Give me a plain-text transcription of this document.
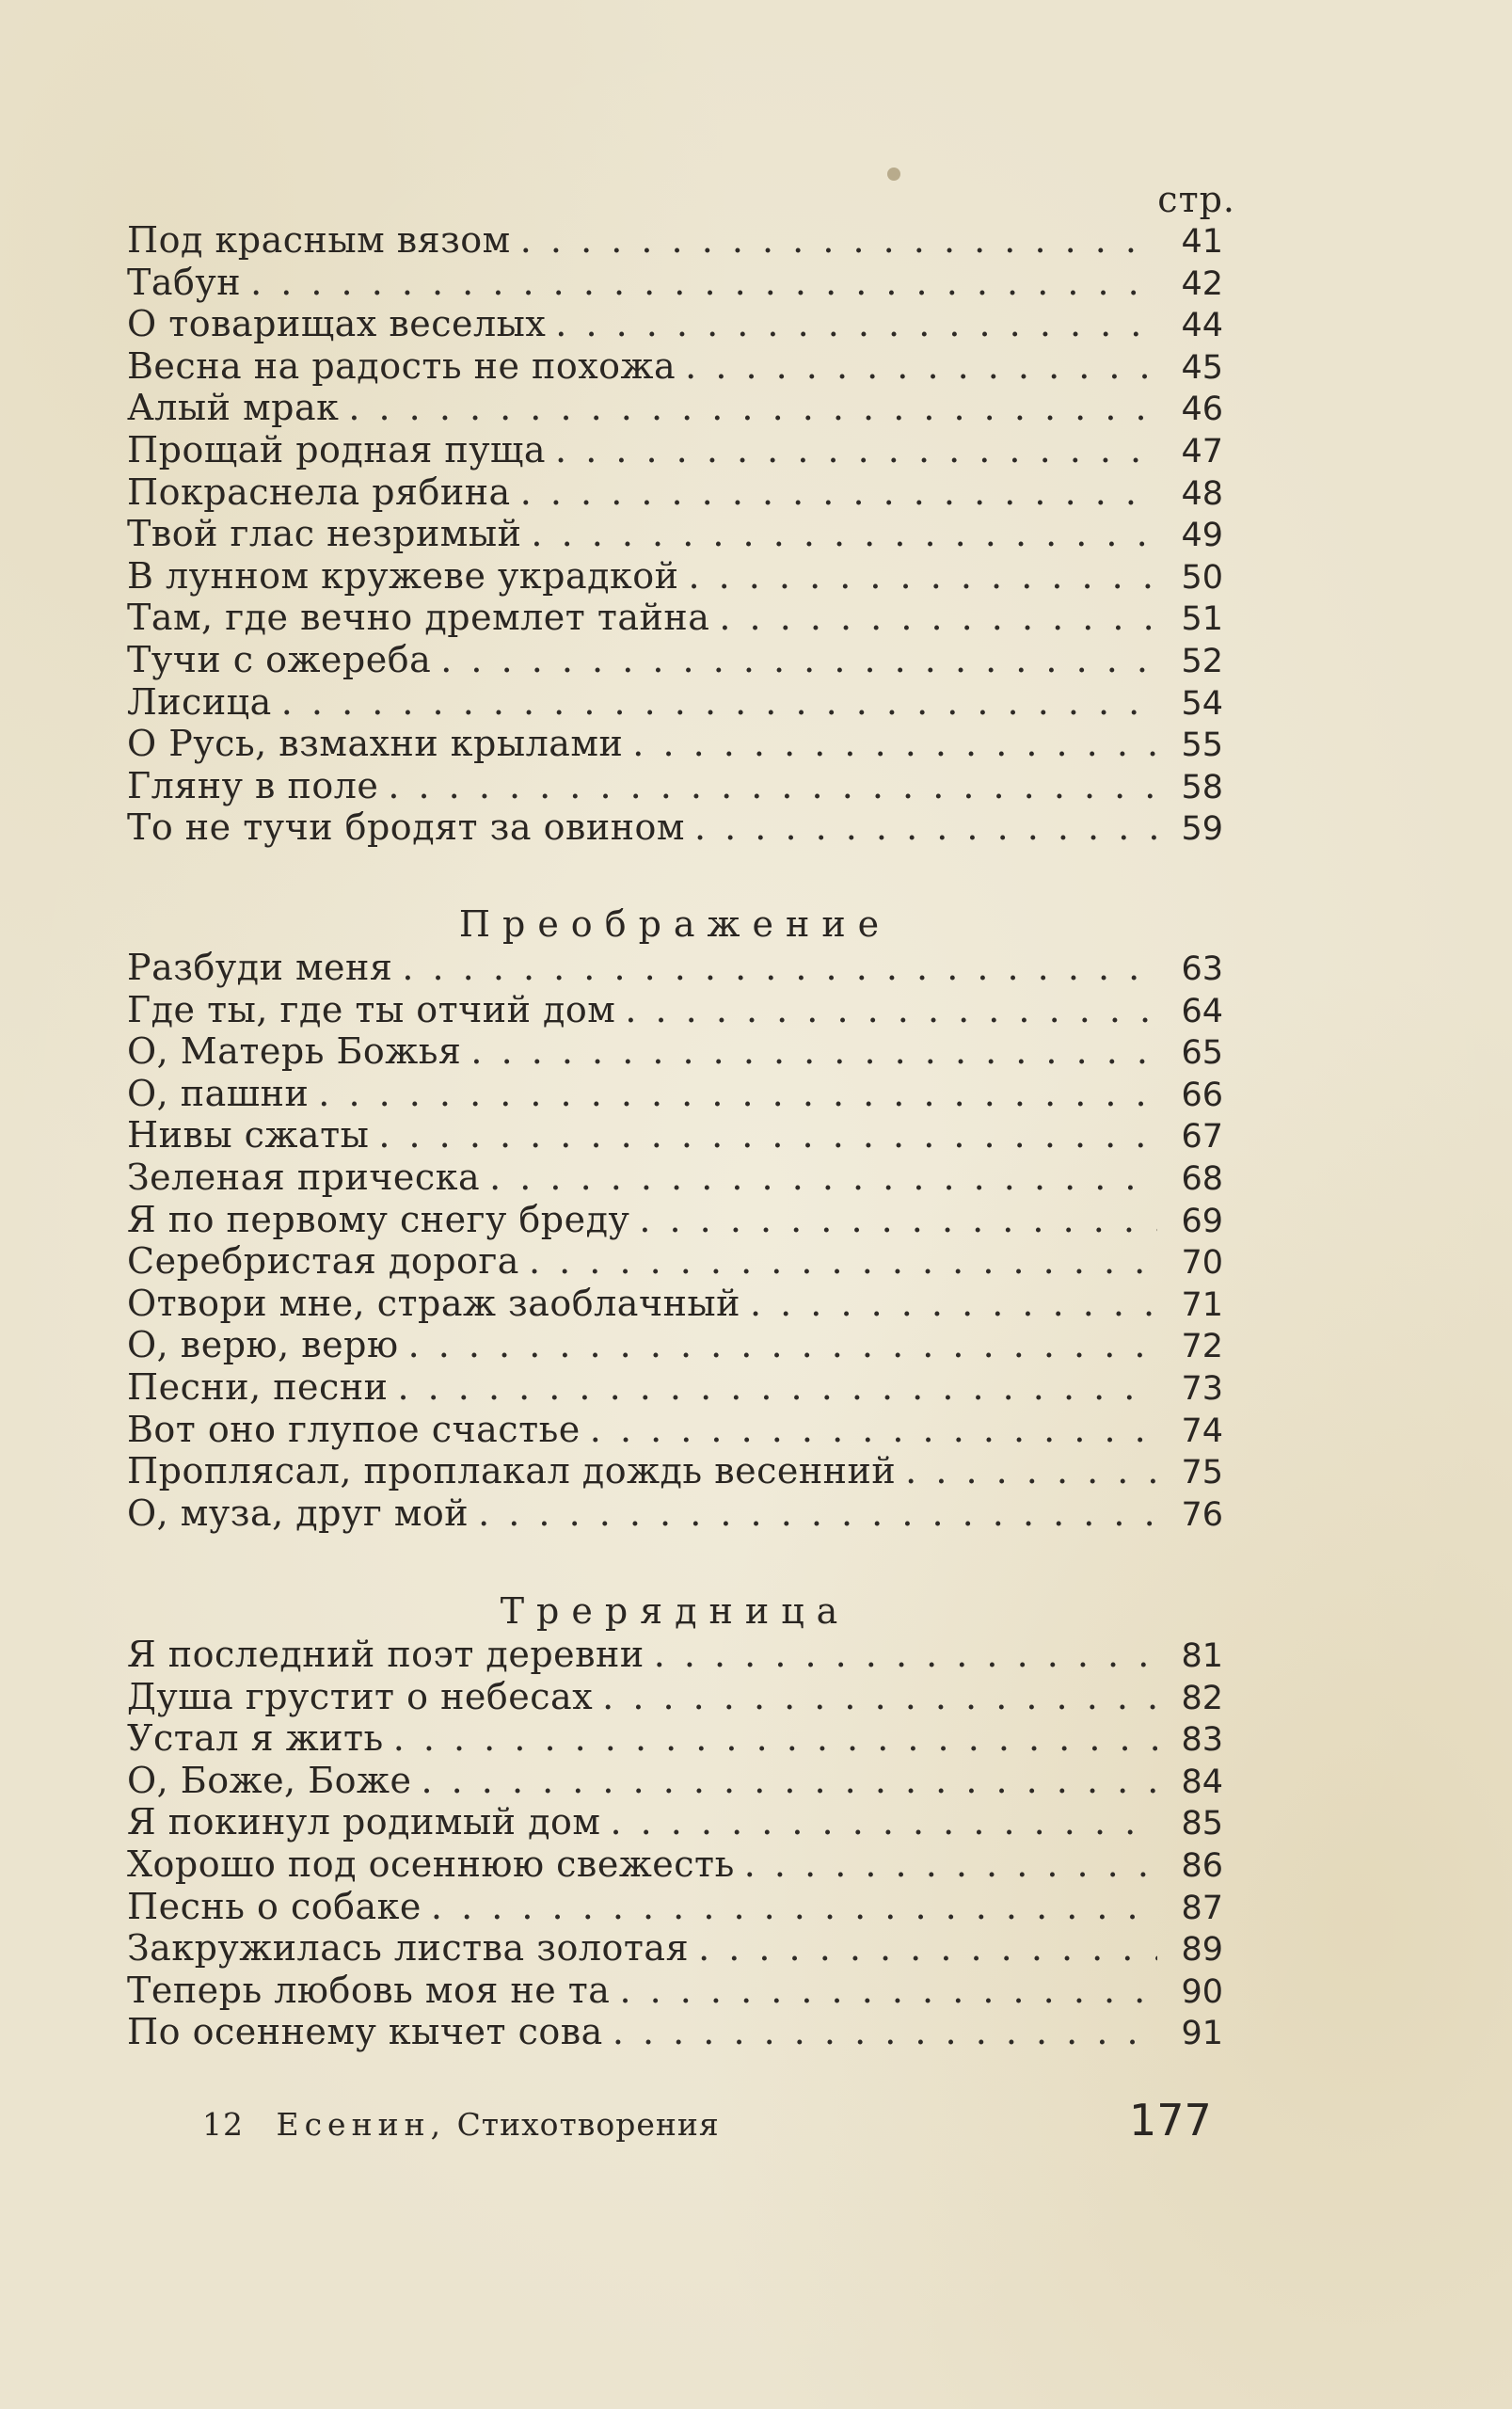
стр.
Под красным вязом . . .	41
Табун . . .	42
О товарищах веселых . . .	44
Весна на радость не похожа . . .	45
Алый мрак . . .	46
Прощай родная пуща . . .	47
Покраснела рябина . . .	48
Твой глас незримый . . .	49
В лунном кружеве украдкой . . .	50
Там, где вечно дремлет тайна . . .	51
Тучи с ожереба . . .	52
Лисица . . .	54
О Русь, взмахни крылами . . .	55
Гляну в поле . . .	58
То не тучи бродят за овином . . .	59
Преображение
Разбуди меня . . .	63
Где ты, где ты отчий дом . . .	64
О, Матерь Божья . . .	65
О, пашни . . .	66
Нивы сжаты . . .	67
Зеленая прическа . . .	68
Я по первому снегу бреду . . .	69
Серебристая дорога . . .	70
Отвори мне, страж заоблачный . . .	71
О, верю, верю . . .	72
Песни, песни . . .	73
Вот оно глупое счастье . . .	74
Проплясал, проплакал дождь весенний . . .	75
О, муза, друг мой . . .	76
Трерядница
Я последний поэт деревни . . .	81
Душа грустит о небесах . . .	82
Устал я жить . . .	83
О, Боже, Боже . . .	84
Я покинул родимый дом . . .	85
Хорошо под осеннюю свежесть . . .	86
Песнь о собаке . . .	87
Закружилась листва золотая . . .	89
Теперь любовь моя не та . . .	90
По осеннему кычет сова . . .	91
12 Есенин, Стихотворения	177
